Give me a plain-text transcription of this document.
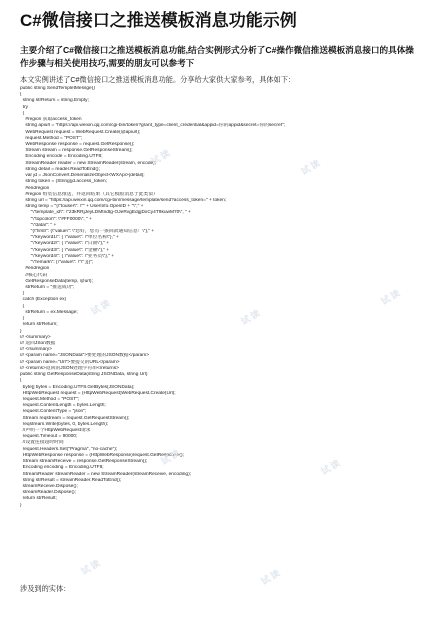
C#微信接口之推送模板消息功能示例
主要介绍了C#微信接口之推送模板消息功能,结合实例形式分析了C#操作微信推送模板消息接口的具体操作步骤与相关使用技巧,需要的朋友可以参考下
本文实例讲述了C#微信接口之推送模板消息功能。分享给大家供大家参考，具体如下：
public string SendTempletMessge()
{
string strReturn = string.Empty;
try
{
#region 获取access_token
string apiurl = "https://api.weixin.qq.com/cgi-bin/token?grant_type=client_credential&appid=你的appid&secret=你的secret";
WebRequest request = WebRequest.Create(@apiurl);
request.Method = "POST";
WebResponse response = request.GetResponse();
Stream stream = response.GetResponseStream();
Encoding encode = Encoding.UTF8;
StreamReader reader = new StreamReader(stream, encode);
string detail = reader.ReadToEnd();
var jd = JsonConvert.DeserializeObject<WXApi>(detail);
string token = (String)jd.access_token;
#endregion
#region 组装信息推送，并返回结果（其它模版消息于此类似）
string url = "https://api.weixin.qq.com/cgi-bin/message/template/send?access_token=" + token;
string temp = "{\"touser\": \"" + UserInfo.OpenID + "\"," +
"\"template_id\": \"23kRRjJeyLDMtndtg-OJeRvgEdgjDxCy4T9kuwM70\", " +
"\"topcolor\": \"#FF0000\", " +
"\"data\": " +
"{\"first\": {\"value\": \"您好，您有一条回款通知信息！\"}," +
"\"keyword1\": { \"value\": \"单位名称\"}," +
"\"keyword2\": { \"value\": \"日期\"}," +
"\"keyword3\": { \"value\": \"金额\"}," +
"\"keyword4\": { \"value\": \"业务员\"}," +
"\"remark\": {\"value\": \"\" }}}";
#endregion
//核心代码
GetResponseData(temp, @url);
strReturn = "推送成功";
}
catch (Exception ex)
{
strReturn = ex.Message;
}
return strReturn;
}
/// <summary>
/// 返回JSon数据
/// </summary>
/// <param name="JSONData">要处理的JSON数据</param>
/// <param name="Url">要提交的URL</param>
/// <returns>返回的JSON处理字符串</returns>
public string GetResponseData(string JSONData, string Url)
{
byte[] bytes = Encoding.UTF8.GetBytes(JSONData);
HttpWebRequest request = (HttpWebRequest)WebRequest.Create(Url);
request.Method = "POST";
request.ContentLength = bytes.Length;
request.ContentType = "json";
Stream reqstream = request.GetRequestStream();
reqstream.Write(bytes, 0, bytes.Length);
//声明一个HttpWebRequest请求
request.Timeout = 90000;
//设置连接超时时间
request.Headers.Set("Pragma", "no-cache");
HttpWebResponse response = (HttpWebResponse)request.GetResponse();
Stream streamReceive = response.GetResponseStream();
Encoding encoding = Encoding.UTF8;
StreamReader streamReader = new StreamReader(streamReceive, encoding);
string strResult = streamReader.ReadToEnd();
streamReceive.Dispose();
streamReader.Dispose();
return strResult;
}
涉及到的实体：
试读
试读
试读
试读
试读
试读
试读
试读
试读
